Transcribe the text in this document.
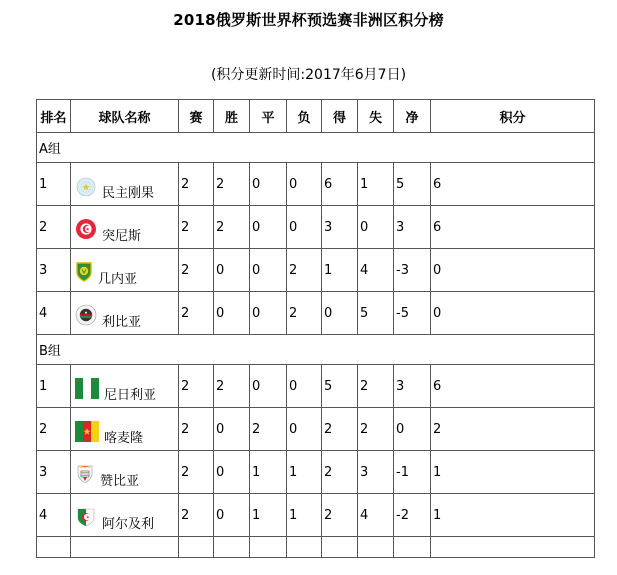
2018俄罗斯世界杯预选赛非洲区积分榜
(积分更新时间:2017年6月7日)
排名	球队名称	赛	胜	平	负	得	失	净	积分
A组									
1	民主刚果	2	2	0	0	6	1	5	6
2	突尼斯	2	2	0	0	3	0	3	6
3	几内亚	2	0	0	2	1	4	-3	0
4	利比亚	2	0	0	2	0	5	-5	0
B组									
1	尼日利亚	2	2	0	0	5	2	3	6
2	喀麦隆	2	0	2	0	2	2	0	2
3	赞比亚	2	0	1	1	2	3	-1	1
4	阿尔及利	2	0	1	1	2	4	-2	1
